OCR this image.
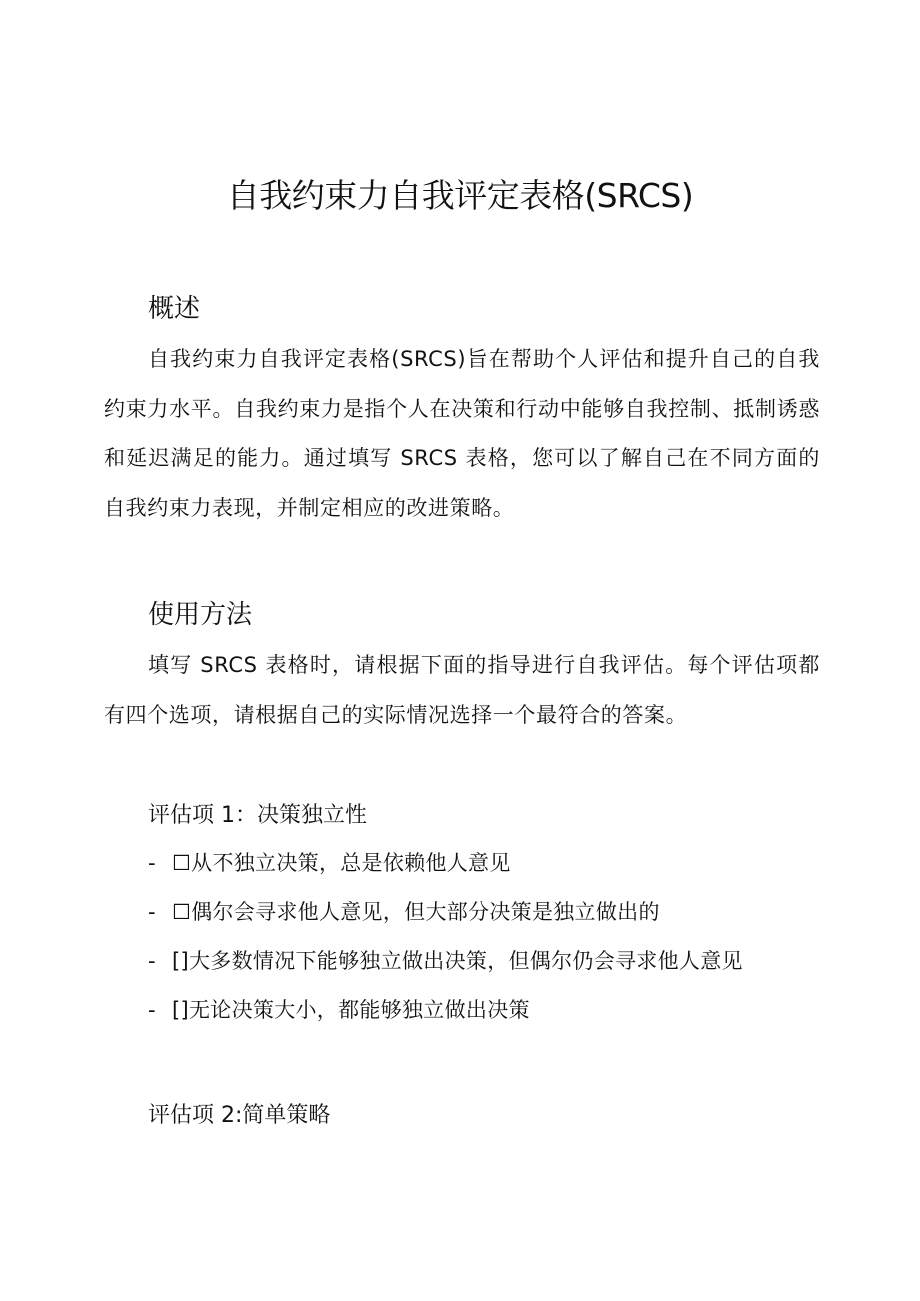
自我约束力自我评定表格(SRCS)
概述

自我约束力自我评定表格(SRCS)旨在帮助个人评估和提升自己的自我约束力水平。自我约束力是指个人在决策和行动中能够自我控制、抵制诱惑和延迟满足的能力。通过填写 SRCS 表格，您可以了解自己在不同方面的自我约束力表现，并制定相应的改进策略。

使用方法

填写 SRCS 表格时，请根据下面的指导进行自我评估。每个评估项都有四个选项，请根据自己的实际情况选择一个最符合的答案。

评估项 1：决策独立性
- ☐从不独立决策，总是依赖他人意见
- ☐偶尔会寻求他人意见，但大部分决策是独立做出的
- []大多数情况下能够独立做出决策，但偶尔仍会寻求他人意见
- []无论决策大小，都能够独立做出决策
评估项 2:简单策略
